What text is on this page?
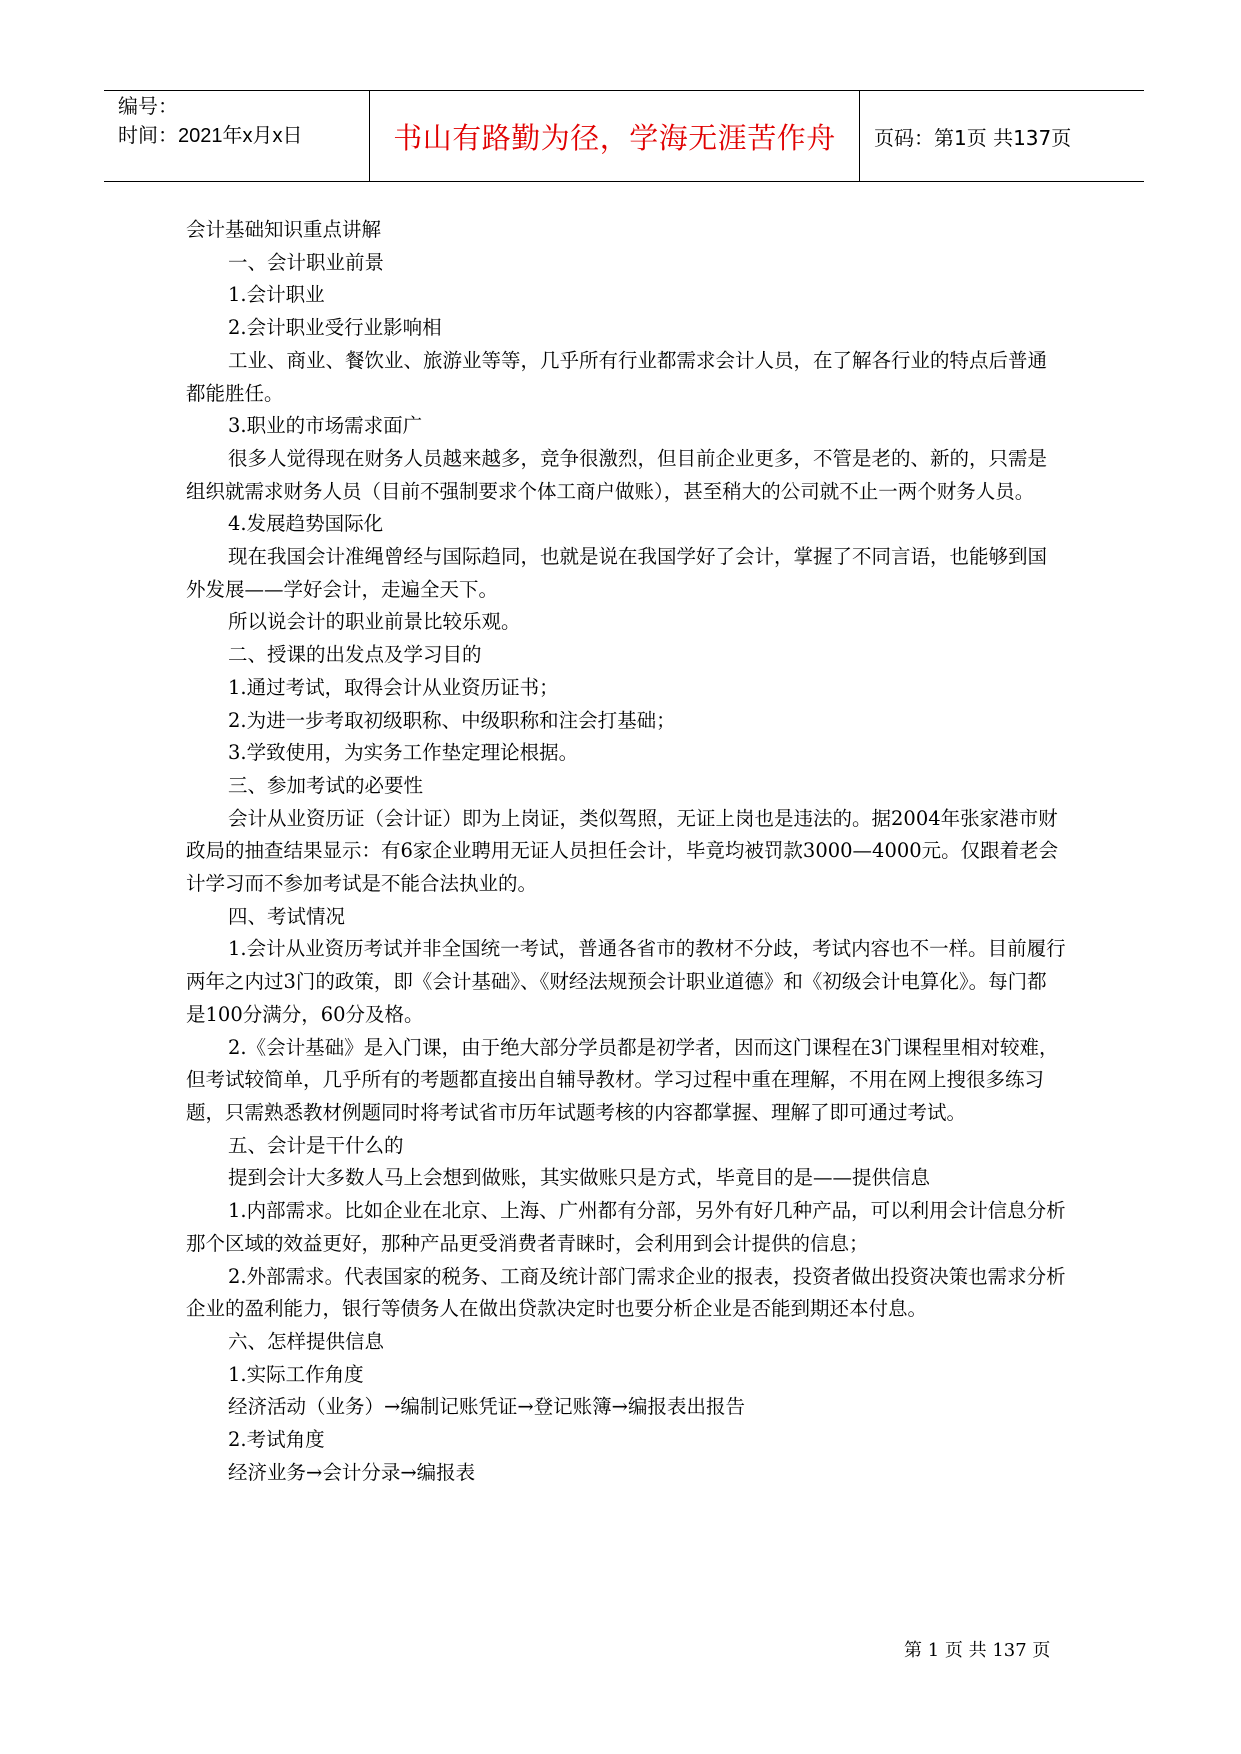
编号：
时间：2021年x月x日	书山有路勤为径，学海无涯苦作舟 页码：第1页 共137页

会计基础知识重点讲解

一、会计职业前景

1.会计职业

2.会计职业受行业影响相

工业、商业、餐饮业、旅游业等等，几乎所有行业都需求会计人员，在了解各行业的特点后普通都能胜任。

3.职业的市场需求面广

很多人觉得现在财务人员越来越多，竞争很激烈，但目前企业更多，不管是老的、新的，只需是组织就需求财务人员（目前不强制要求个体工商户做账），甚至稍大的公司就不止一两个财务人员。

4.发展趋势国际化

现在我国会计准绳曾经与国际趋同，也就是说在我国学好了会计，掌握了不同言语，也能够到国外发展——学好会计，走遍全天下。

所以说会计的职业前景比较乐观。

二、授课的出发点及学习目的

1.通过考试，取得会计从业资历证书；

2.为进一步考取初级职称、中级职称和注会打基础；

3.学致使用，为实务工作垫定理论根据。

三、参加考试的必要性

会计从业资历证（会计证）即为上岗证，类似驾照，无证上岗也是违法的。据2004年张家港市财政局的抽查结果显示：有6家企业聘用无证人员担任会计，毕竟均被罚款3000—4000元。仅跟着老会计学习而不参加考试是不能合法执业的。

四、考试情况

1.会计从业资历考试并非全国统一考试，普通各省市的教材不分歧，考试内容也不一样。目前履行两年之内过3门的政策，即《会计基础》、《财经法规预会计职业道德》和《初级会计电算化》。每门都是100分满分，60分及格。

2.《会计基础》是入门课，由于绝大部分学员都是初学者，因而这门课程在3门课程里相对较难，但考试较简单，几乎所有的考题都直接出自辅导教材。学习过程中重在理解，不用在网上搜很多练习题，只需熟悉教材例题同时将考试省市历年试题考核的内容都掌握、理解了即可通过考试。

五、会计是干什么的

提到会计大多数人马上会想到做账，其实做账只是方式，毕竟目的是——提供信息

1.内部需求。比如企业在北京、上海、广州都有分部，另外有好几种产品，可以利用会计信息分析那个区域的效益更好，那种产品更受消费者青睐时，会利用到会计提供的信息；

2.外部需求。代表国家的税务、工商及统计部门需求企业的报表，投资者做出投资决策也需求分析企业的盈利能力，银行等债务人在做出贷款决定时也要分析企业是否能到期还本付息。

六、怎样提供信息

1.实际工作角度

经济活动（业务）→编制记账凭证→登记账簿→编报表出报告

2.考试角度

经济业务→会计分录→编报表

第 1 页 共 137 页
